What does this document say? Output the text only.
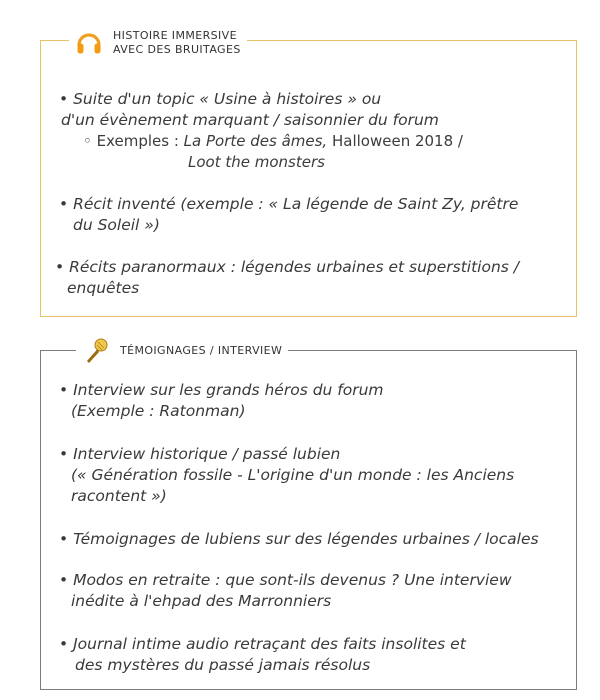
HISTOIRE IMMERSIVE
AVEC DES BRUITAGES
• Suite d'un topic « Usine à histoires » ou
d'un évènement marquant / saisonnier du forum
◦ Exemples : La Porte des âmes, Halloween 2018 /
Loot the monsters
• Récit inventé (exemple : « La légende de Saint Zy, prêtre
du Soleil »)
• Récits paranormaux : légendes urbaines et superstitions /
enquêtes
TÉMOIGNAGES / INTERVIEW
• Interview sur les grands héros du forum
(Exemple : Ratonman)
• Interview historique / passé lubien
(« Génération fossile - L'origine d'un monde : les Anciens
racontent »)
• Témoignages de lubiens sur des légendes urbaines / locales
• Modos en retraite : que sont-ils devenus ? Une interview
inédite à l'ehpad des Marronniers
• Journal intime audio retraçant des faits insolites et
des mystères du passé jamais résolus
